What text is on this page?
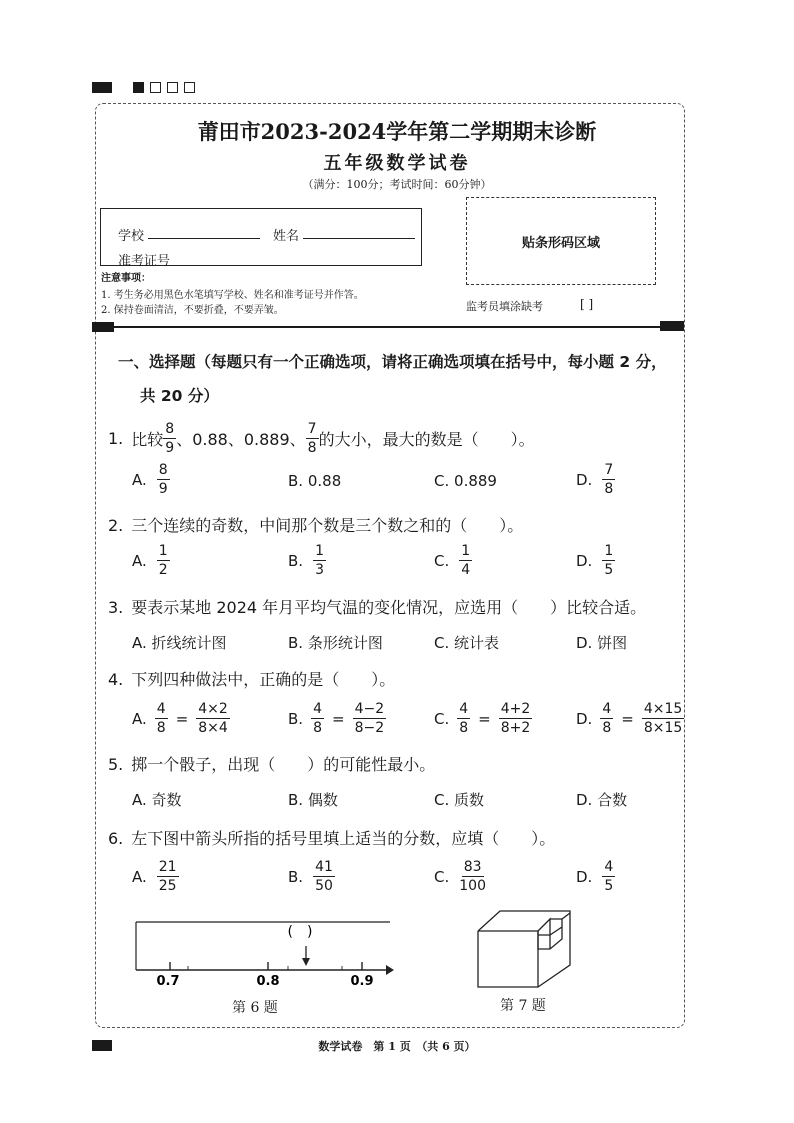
莆田市2023-2024学年第二学期期末诊断
五年级数学试卷
（满分：100分；考试时间：60分钟）
学校	姓名
准考证号
贴条形码区域
注意事项：
1. 考生务必用黑色水笔填写学校、姓名和准考证号并作答。
2. 保持卷面清洁，不要折叠，不要弄皱。	监考员填涂缺考	[ ]
一、选择题（每题只有一个正确选项，请将正确选项填在括号中，每小题 2 分，
共 20 分）
1. 比较 $\frac{8}{9}$ 、0.88、0.889、 $\frac{7}{8}$ 的大小，最大的数是（　　）。
A. $\frac{8}{9}$	B. 0.88	C. 0.889	D. $\frac{7}{8}$
2. 三个连续的奇数，中间那个数是三个数之和的（　　）。
A. $\frac{1}{2}$	B. $\frac{1}{3}$	C. $\frac{1}{4}$	D. $\frac{1}{5}$
3. 要表示某地 2024 年月平均气温的变化情况，应选用（　　）比较合适。
A. 折线统计图	B. 条形统计图	C. 统计表	D. 饼图
4. 下列四种做法中，正确的是（　　）。
A. $\frac{4}{8} = \frac{4\times 2}{8\times 4}$	B. $\frac{4}{8} = \frac{4-2}{8-2}$	C. $\frac{4}{8} = \frac{4+2}{8+2}$	D. $\frac{4}{8} = \frac{4\times 15}{8\times 15}$
5. 掷一个骰子，出现（　　）的可能性最小。
A. 奇数	B. 偶数	C. 质数	D. 合数
6. 左下图中箭头所指的括号里填上适当的分数，应填（　　）。
A. $\frac{21}{25}$	B. $\frac{41}{50}$	C. $\frac{83}{100}$	D. $\frac{4}{5}$
(　)
0.7	0.8	0.9
第 6 题	第 7 题
数学试卷　第 1 页　（共 6 页）
